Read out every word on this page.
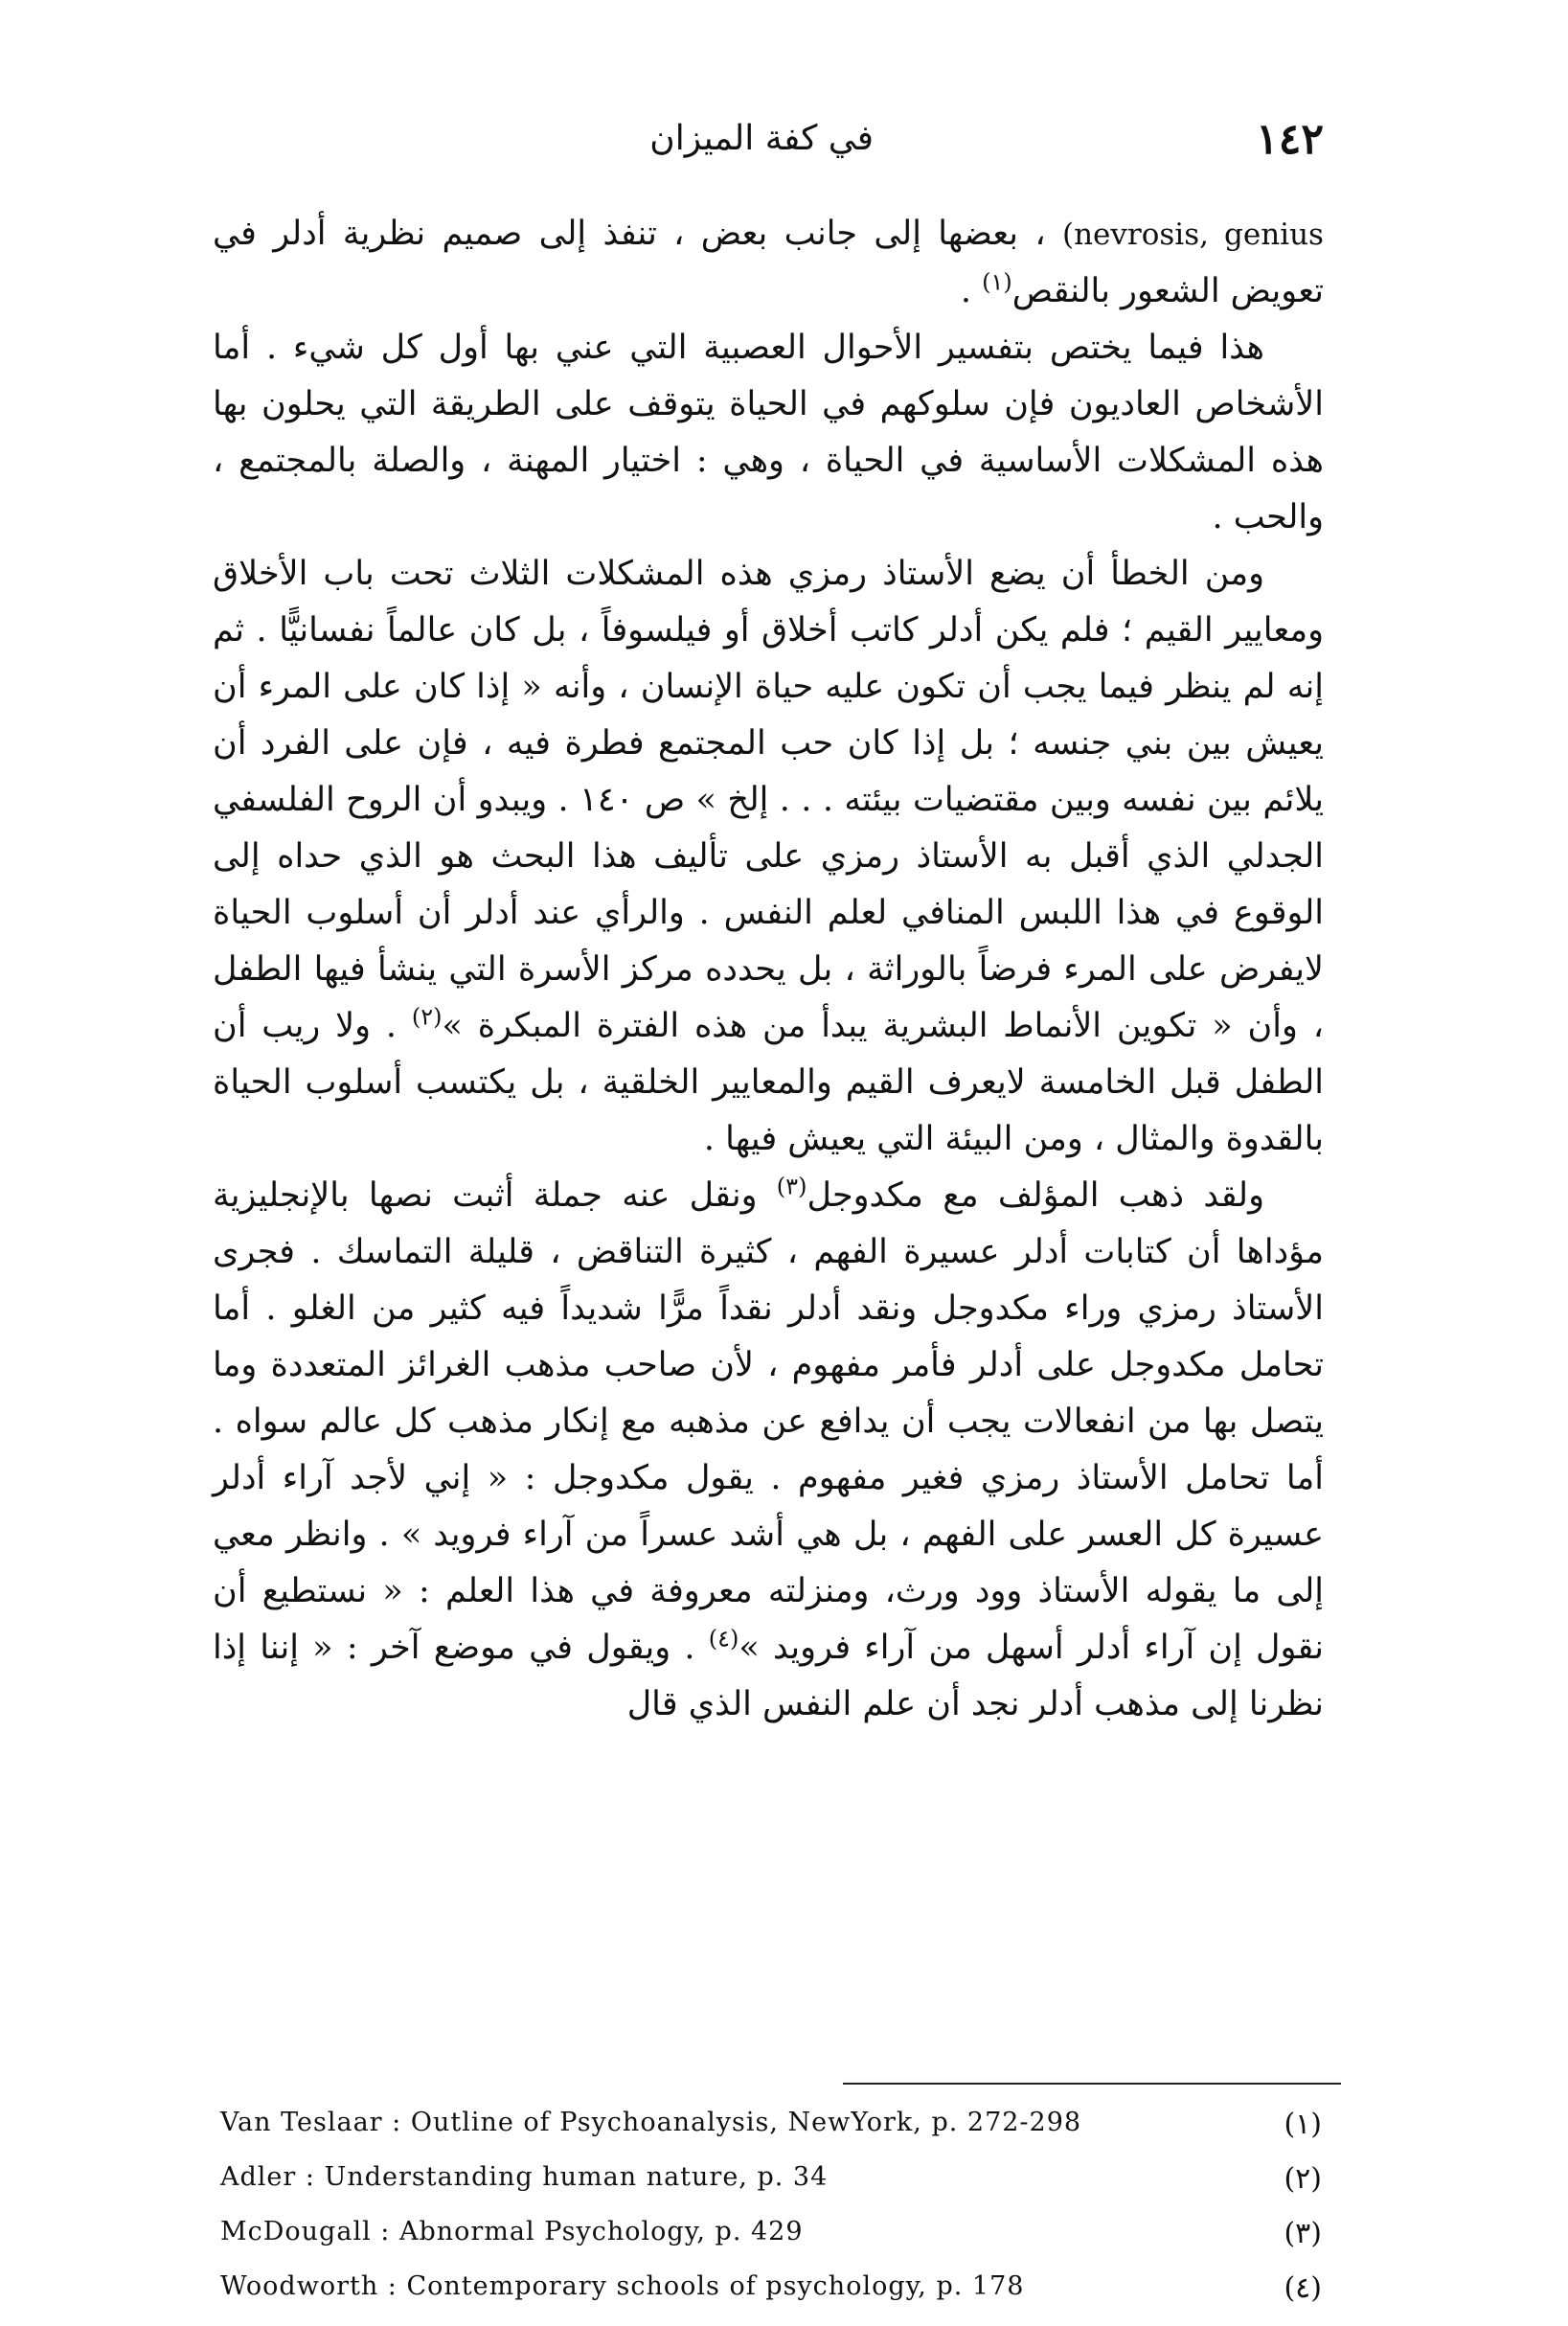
١٤٢
في كفة الميزان

(nevrosis, genius ، بعضها إلى جانب بعض ، تنفذ إلى صميم نظرية أدلر في تعويض الشعور بالنقص$^{(١)}$ .

هذا فيما يختص بتفسير الأحوال العصبية التي عني بها أول كل شيء . أما الأشخاص العاديون فإن سلوكهم في الحياة يتوقف على الطريقة التي يحلون بها هذه المشكلات الأساسية في الحياة ، وهي : اختيار المهنة ، والصلة بالمجتمع ، والحب .

ومن الخطأ أن يضع الأستاذ رمزي هذه المشكلات الثلاث تحت باب الأخلاق ومعايير القيم ؛ فلم يكن أدلر كاتب أخلاق أو فيلسوفاً ، بل كان عالماً نفسانيًّا . ثم إنه لم ينظر فيما يجب أن تكون عليه حياة الإنسان ، وأنه « إذا كان على المرء أن يعيش بين بني جنسه ؛ بل إذا كان حب المجتمع فطرة فيه ، فإن على الفرد أن يلائم بين نفسه وبين مقتضيات بيئته . . . إلخ » ص ١٤٠ . ويبدو أن الروح الفلسفي الجدلي الذي أقبل به الأستاذ رمزي على تأليف هذا البحث هو الذي حداه إلى الوقوع في هذا اللبس المنافي لعلم النفس . والرأي عند أدلر أن أسلوب الحياة لايفرض على المرء فرضاً بالوراثة ، بل يحدده مركز الأسرة التي ينشأ فيها الطفل ، وأن « تكوين الأنماط البشرية يبدأ من هذه الفترة المبكرة »$^{(٢)}$ . ولا ريب أن الطفل قبل الخامسة لايعرف القيم والمعايير الخلقية ، بل يكتسب أسلوب الحياة بالقدوة والمثال ، ومن البيئة التي يعيش فيها .

ولقد ذهب المؤلف مع مكدوجل$^{(٣)}$ ونقل عنه جملة أثبت نصها بالإنجليزية مؤداها أن كتابات أدلر عسيرة الفهم ، كثيرة التناقض ، قليلة التماسك . فجرى الأستاذ رمزي وراء مكدوجل ونقد أدلر نقداً مرًّا شديداً فيه كثير من الغلو . أما تحامل مكدوجل على أدلر فأمر مفهوم ، لأن صاحب مذهب الغرائز المتعددة وما يتصل بها من انفعالات يجب أن يدافع عن مذهبه مع إنكار مذهب كل عالم سواه . أما تحامل الأستاذ رمزي فغير مفهوم . يقول مكدوجل : « إني لأجد آراء أدلر عسيرة كل العسر على الفهم ، بل هي أشد عسراً من آراء فرويد » . وانظر معي إلى ما يقوله الأستاذ وود ورث، ومنزلته معروفة في هذا العلم : « نستطيع أن نقول إن آراء أدلر أسهل من آراء فرويد »$^{(٤)}$ . ويقول في موضع آخر : « إننا إذا نظرنا إلى مذهب أدلر نجد أن علم النفس الذي قال

Van Teslaar : Outline of Psychoanalysis, NewYork, p. 272-298	(١)
Adler : Understanding human nature, p. 34	(٢)
McDougall : Abnormal Psychology, p. 429	(٣)
Woodworth : Contemporary schools of psychology, p. 178	(٤)
